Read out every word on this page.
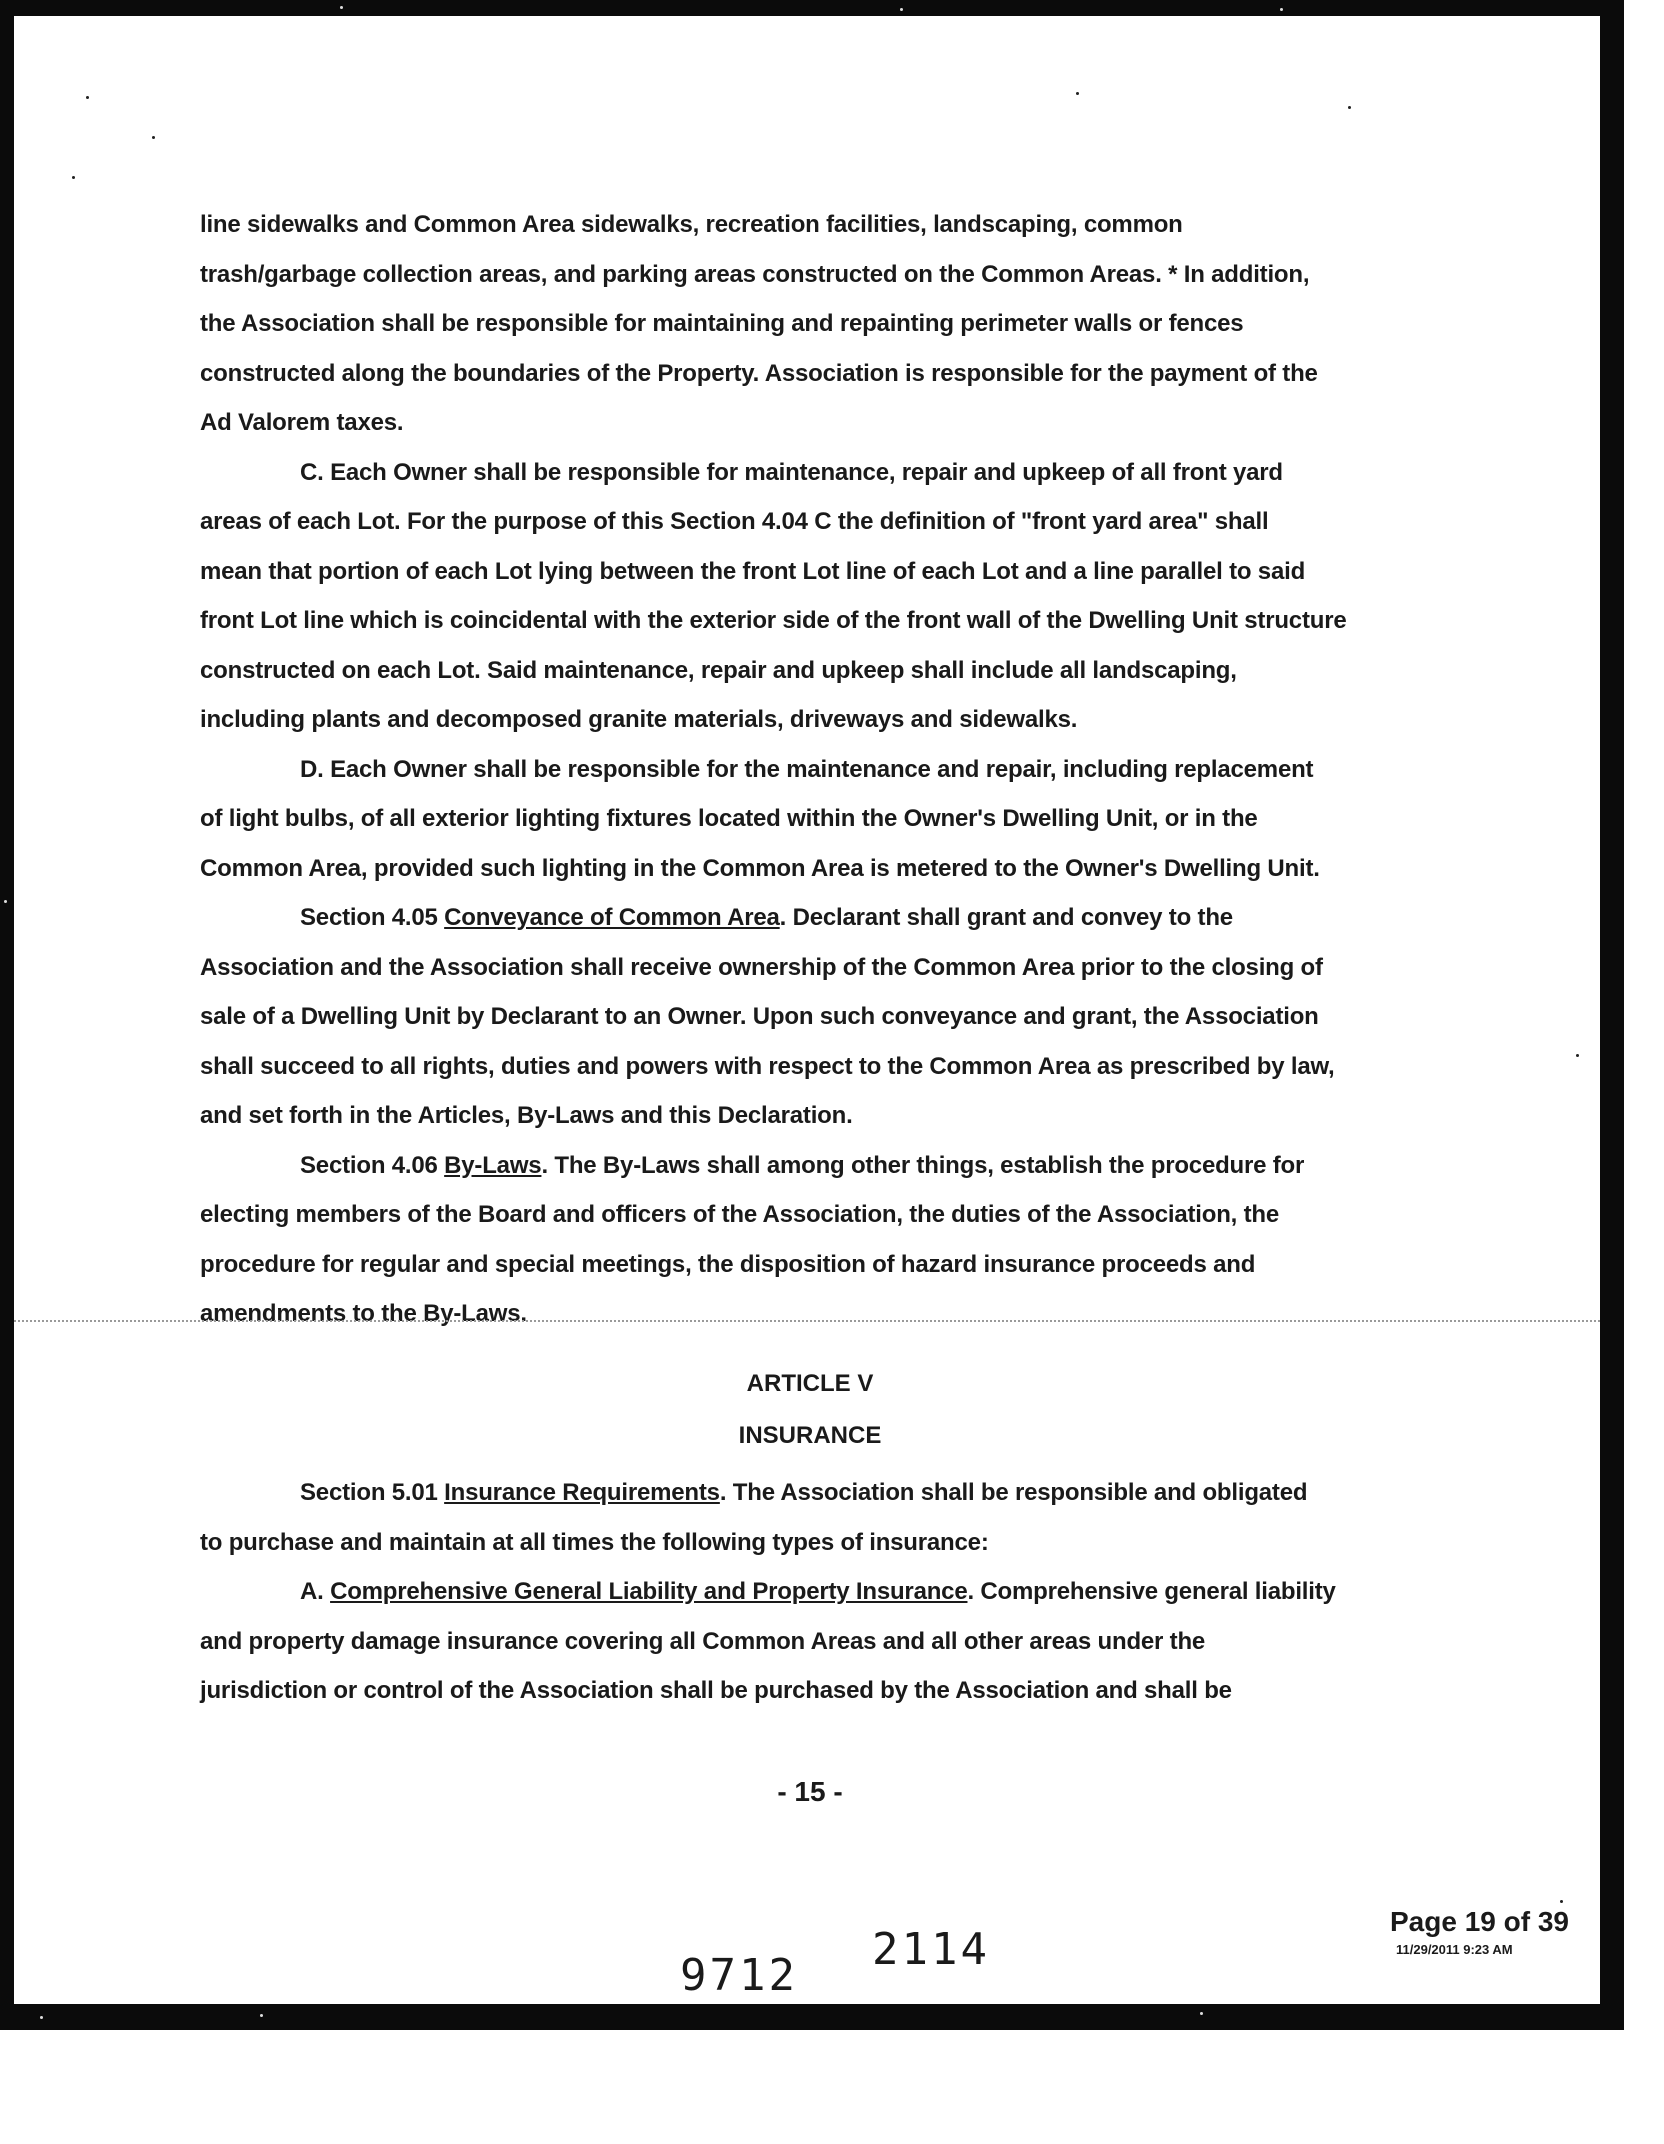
line sidewalks and Common Area sidewalks, recreation facilities, landscaping, common
trash/garbage collection areas, and parking areas constructed on the Common Areas. * In addition,
the Association shall be responsible for maintaining and repainting perimeter walls or fences
constructed along the boundaries of the Property. Association is responsible for the payment of the
Ad Valorem taxes.
C. Each Owner shall be responsible for maintenance, repair and upkeep of all front yard
areas of each Lot. For the purpose of this Section 4.04 C the definition of "front yard area" shall
mean that portion of each Lot lying between the front Lot line of each Lot and a line parallel to said
front Lot line which is coincidental with the exterior side of the front wall of the Dwelling Unit structure
constructed on each Lot. Said maintenance, repair and upkeep shall include all landscaping,
including plants and decomposed granite materials, driveways and sidewalks.
D. Each Owner shall be responsible for the maintenance and repair, including replacement
of light bulbs, of all exterior lighting fixtures located within the Owner's Dwelling Unit, or in the
Common Area, provided such lighting in the Common Area is metered to the Owner's Dwelling Unit.
Section 4.05 Conveyance of Common Area. Declarant shall grant and convey to the
Association and the Association shall receive ownership of the Common Area prior to the closing of
sale of a Dwelling Unit by Declarant to an Owner. Upon such conveyance and grant, the Association
shall succeed to all rights, duties and powers with respect to the Common Area as prescribed by law,
and set forth in the Articles, By-Laws and this Declaration.
Section 4.06 By-Laws. The By-Laws shall among other things, establish the procedure for
electing members of the Board and officers of the Association, the duties of the Association, the
procedure for regular and special meetings, the disposition of hazard insurance proceeds and
amendments to the By-Laws.
ARTICLE V
INSURANCE
Section 5.01 Insurance Requirements. The Association shall be responsible and obligated
to purchase and maintain at all times the following types of insurance:
A. Comprehensive General Liability and Property Insurance. Comprehensive general liability
and property damage insurance covering all Common Areas and all other areas under the
jurisdiction or control of the Association shall be purchased by the Association and shall be
- 15 -
Page 19 of 39
11/29/2011 9:23 AM
9712
2114
